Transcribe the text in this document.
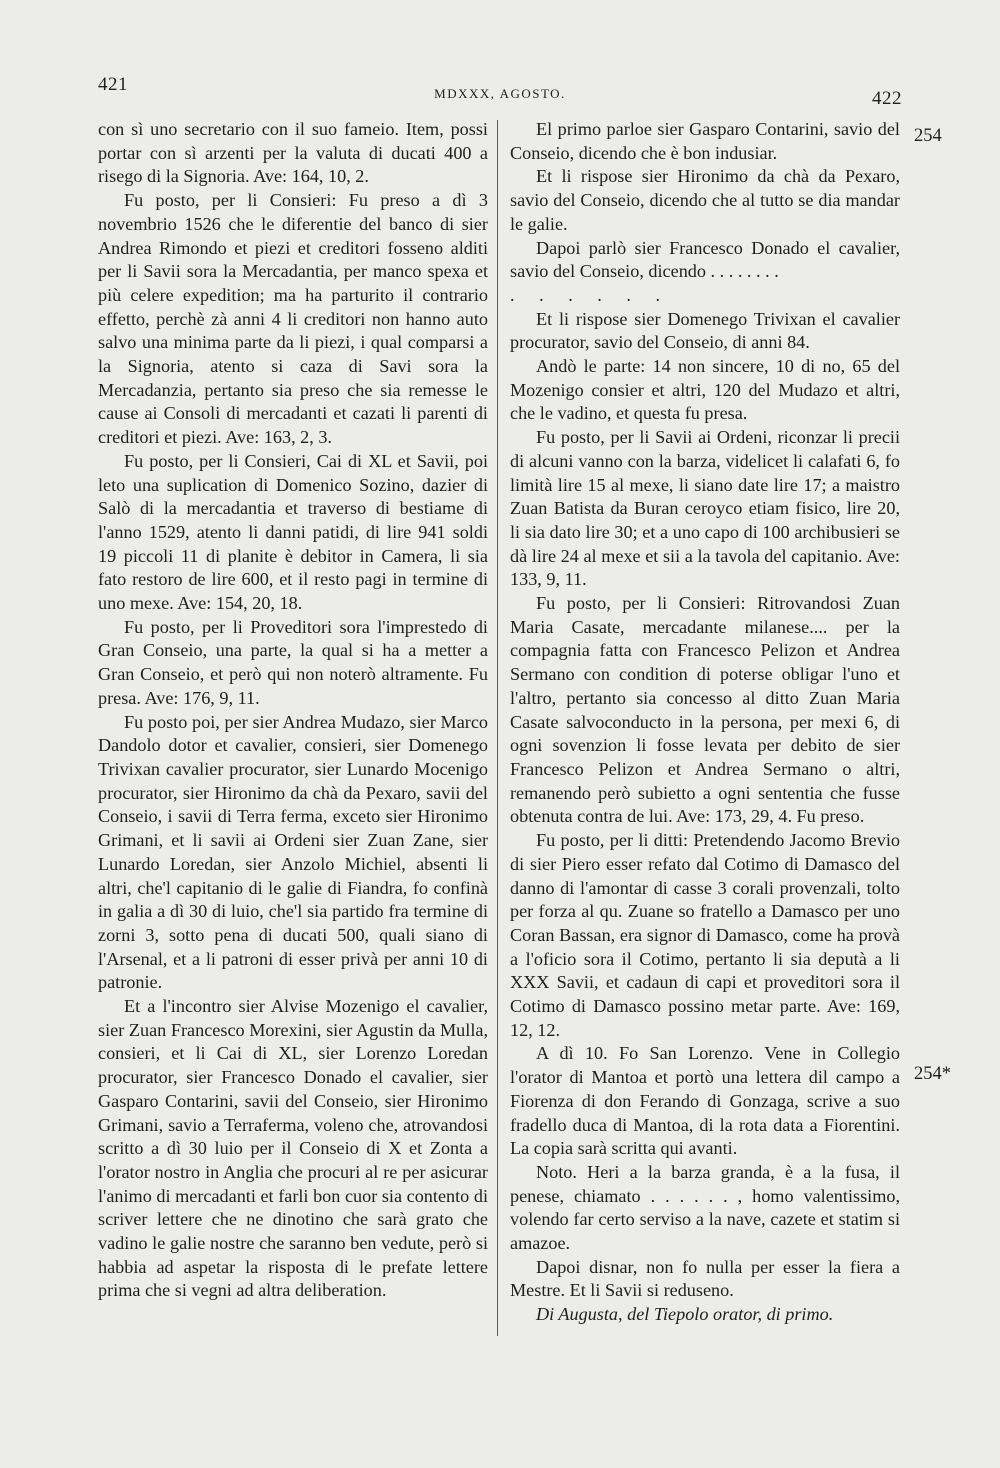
421	MDXXX, AGOSTO.	422

con sì uno secretario con il suo fameio. Item, possi portar con sì arzenti per la valuta di ducati 400 a risego di la Signoria. Ave: 164, 10, 2.

Fu posto, per li Consieri: Fu preso a dì 3 novembrio 1526 che le diferentie del banco di sier Andrea Rimondo et piezi et creditori fosseno alditi per li Savii sora la Mercadantia, per manco spexa et più celere expedition; ma ha parturito il contrario effetto, perchè zà anni 4 li creditori non hanno auto salvo una minima parte da li piezi, i qual comparsi a la Signoria, atento si caza di Savi sora la Mercadanzia, pertanto sia preso che sia remesse le cause ai Consoli di mercadanti et cazati li parenti di creditori et piezi. Ave: 163, 2, 3.

Fu posto, per li Consieri, Cai di XL et Savii, poi leto una suplication di Domenico Sozino, dazier di Salò di la mercadantia et traverso di bestiame di l'anno 1529, atento li danni patidi, di lire 941 soldi 19 piccoli 11 di planite è debitor in Camera, li sia fato restoro de lire 600, et il resto pagi in termine di uno mexe. Ave: 154, 20, 18.

Fu posto, per li Proveditori sora l'imprestedo di Gran Conseio, una parte, la qual si ha a metter a Gran Conseio, et però qui non noterò altramente. Fu presa. Ave: 176, 9, 11.

Fu posto poi, per sier Andrea Mudazo, sier Marco Dandolo dotor et cavalier, consieri, sier Domenego Trivixan cavalier procurator, sier Lunardo Mocenigo procurator, sier Hironimo da chà da Pexaro, savii del Conseio, i savii di Terra ferma, exceto sier Hironimo Grimani, et li savii ai Ordeni sier Zuan Zane, sier Lunardo Loredan, sier Anzolo Michiel, absenti li altri, che'l capitanio di le galie di Fiandra, fo confinà in galia a dì 30 di luio, che'l sia partido fra termine di zorni 3, sotto pena di ducati 500, quali siano di l'Arsenal, et a li patroni di esser privà per anni 10 di patronie.

Et a l'incontro sier Alvise Mozenigo el cavalier, sier Zuan Francesco Morexini, sier Agustin da Mulla, consieri, et li Cai di XL, sier Lorenzo Loredan procurator, sier Francesco Donado el cavalier, sier Gasparo Contarini, savii del Conseio, sier Hironimo Grimani, savio a Terraferma, voleno che, atrovandosi scritto a dì 30 luio per il Conseio di X et Zonta a l'orator nostro in Anglia che procuri al re per asicurar l'animo di mercadanti et farli bon cuor sia contento di scriver lettere che ne dinotino che sarà grato che vadino le galie nostre che saranno ben vedute, però si habbia ad aspetar la risposta di le prefate lettere prima che si vegni ad altra deliberation.

El primo parloe sier Gasparo Contarini, savio del Conseio, dicendo che è bon indusiar.

Et li rispose sier Hironimo da chà da Pexaro, savio del Conseio, dicendo che al tutto se dia mandar le galie.

Dapoi parlò sier Francesco Donado el cavalier, savio del Conseio, dicendo . . . . . . . .

. . . . . .

Et li rispose sier Domenego Trivixan el cavalier procurator, savio del Conseio, di anni 84.

Andò le parte: 14 non sincere, 10 di no, 65 del Mozenigo consier et altri, 120 del Mudazo et altri, che le vadino, et questa fu presa.

Fu posto, per li Savii ai Ordeni, riconzar li precii di alcuni vanno con la barza, videlicet li calafati 6, fo limità lire 15 al mexe, li siano date lire 17; a maistro Zuan Batista da Buran ceroyco etiam fisico, lire 20, li sia dato lire 30; et a uno capo di 100 archibusieri se dà lire 24 al mexe et sii a la tavola del capitanio. Ave: 133, 9, 11.

Fu posto, per li Consieri: Ritrovandosi Zuan Maria Casate, mercadante milanese.... per la compagnia fatta con Francesco Pelizon et Andrea Sermano con condition di poterse obligar l'uno et l'altro, pertanto sia concesso al ditto Zuan Maria Casate salvoconducto in la persona, per mexi 6, di ogni sovenzion li fosse levata per debito de sier Francesco Pelizon et Andrea Sermano o altri, remanendo però subietto a ogni sententia che fusse obtenuta contra de lui. Ave: 173, 29, 4. Fu preso.

Fu posto, per li ditti: Pretendendo Jacomo Brevio di sier Piero esser refato dal Cotimo di Damasco del danno di l'amontar di casse 3 corali provenzali, tolto per forza al qu. Zuane so fratello a Damasco per uno Coran Bassan, era signor di Damasco, come ha provà a l'oficio sora il Cotimo, pertanto li sia deputà a li XXX Savii, et cadaun di capi et proveditori sora il Cotimo di Damasco possino metar parte. Ave: 169, 12, 12.

A dì 10. Fo San Lorenzo. Vene in Collegio l'orator di Mantoa et portò una lettera dil campo a Fiorenza di don Ferando di Gonzaga, scrive a suo fradello duca di Mantoa, di la rota data a Fiorentini. La copia sarà scritta qui avanti.

Noto. Heri a la barza granda, è a la fusa, il penese, chiamato . . . . . . , homo valentissimo, volendo far certo serviso a la nave, cazete et statim si amazoe.

Dapoi disnar, non fo nulla per esser la fiera a Mestre. Et li Savii si reduseno.

Di Augusta, del Tiepolo orator, di primo.

254
254*
